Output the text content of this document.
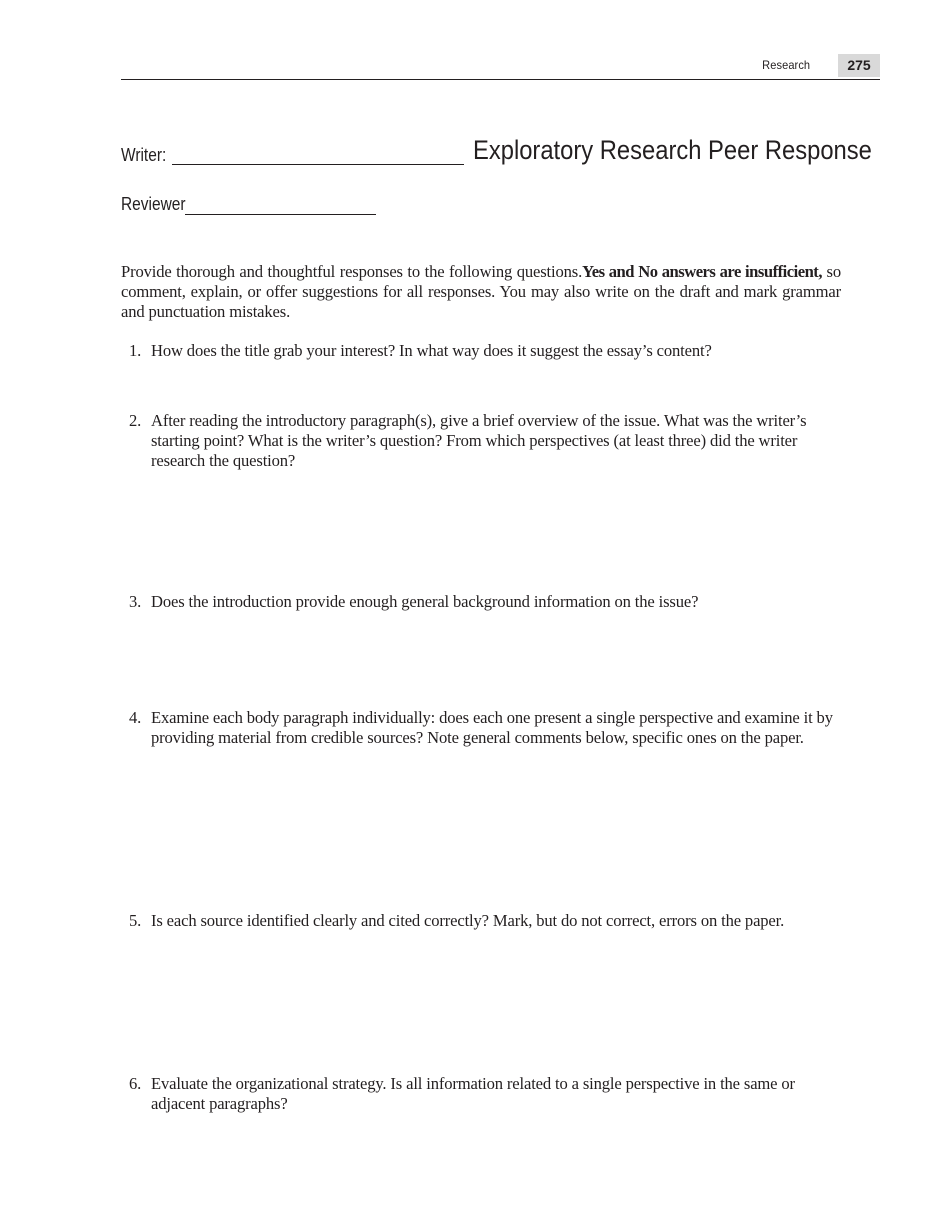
Research	275
Writer:	Exploratory Research Peer Response
Reviewer

Provide thorough and thoughtful responses to the following questions.Yes and No answers are insufficient, so comment, explain, or offer suggestions for all responses. You may also write on the draft and mark grammar and punctuation mistakes.

1. How does the title grab your interest? In what way does it suggest the essay’s content?
2. After reading the introductory paragraph(s), give a brief overview of the issue. What was the writer’s starting point? What is the writer’s question? From which perspectives (at least three) did the writer research the question?
3. Does the introduction provide enough general background information on the issue?
4. Examine each body paragraph individually: does each one present a single perspective and examine it by providing material from credible sources? Note general comments below, specific ones on the paper.
5. Is each source identified clearly and cited correctly? Mark, but do not correct, errors on the paper.
6. Evaluate the organizational strategy. Is all information related to a single perspective in the same or adjacent paragraphs?
